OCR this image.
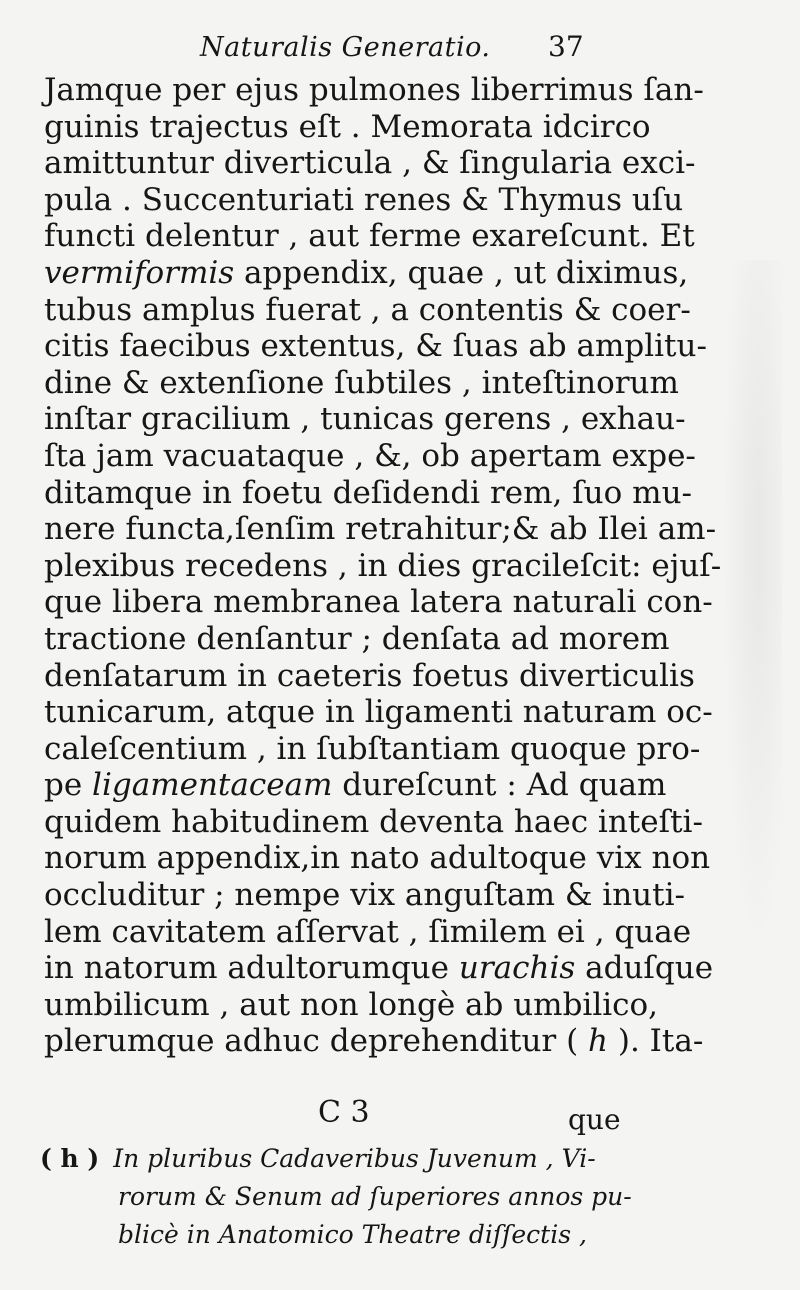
Naturalis Generatio. 37
Jamque per ejus pulmones liberrimus ſan-
guinis trajectus eſt . Memorata idcirco
amittuntur diverticula , & ſingularia exci-
pula . Succenturiati renes & Thymus uſu
functi delentur , aut ferme exareſcunt. Et
vermiformis appendix, quae , ut diximus,
tubus amplus fuerat , a contentis & coer-
citis faecibus extentus, & ſuas ab amplitu-
dine & extenſione ſubtiles , inteſtinorum
inſtar gracilium , tunicas gerens , exhau-
ſta jam vacuataque , &, ob apertam expe-
ditamque in foetu deſidendi rem, ſuo mu-
nere functa,ſenſim retrahitur;& ab Ilei am-
plexibus recedens , in dies gracileſcit: ejuſ-
que libera membranea latera naturali con-
tractione denſantur ; denſata ad morem
denſatarum in caeteris foetus diverticulis
tunicarum, atque in ligamenti naturam oc-
caleſcentium , in ſubſtantiam quoque pro-
pe ligamentaceam dureſcunt : Ad quam
quidem habitudinem deventa haec inteſti-
norum appendix,in nato adultoque vix non
occluditur ; nempe vix anguſtam & inuti-
lem cavitatem aſſervat , ſimilem ei , quae
in natorum adultorumque urachis aduſque
umbilicum , aut non longè ab umbilico,
plerumque adhuc deprehenditur ( h ). Ita-
C 3	que
( h ) In pluribus Cadaveribus Juvenum , Vi-
rorum & Senum ad ſuperiores annos pu-
blicè in Anatomico Theatre diſſectis ,
